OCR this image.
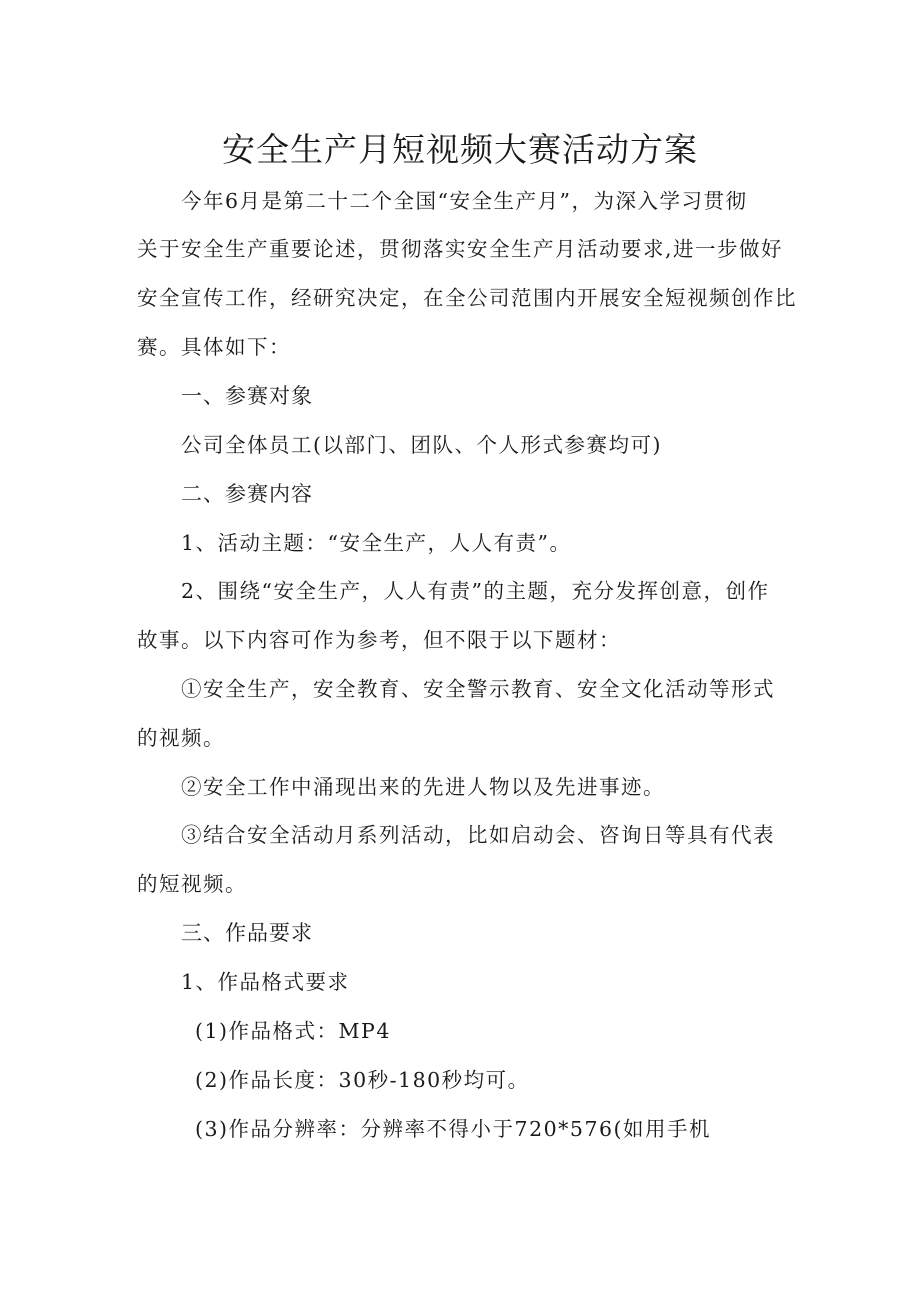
安全生产月短视频大赛活动方案

今年6月是第二十二个全国“安全生产月”，为深入学习贯彻

关于安全生产重要论述，贯彻落实安全生产月活动要求,进一步做好

安全宣传工作，经研究决定，在全公司范围内开展安全短视频创作比

赛。具体如下：

一、参赛对象

公司全体员工(以部门、团队、个人形式参赛均可)

二、参赛内容

1、活动主题：“安全生产，人人有责”。

2、围绕“安全生产，人人有责”的主题，充分发挥创意，创作

故事。以下内容可作为参考，但不限于以下题材：

①安全生产，安全教育、安全警示教育、安全文化活动等形式

的视频。

②安全工作中涌现出来的先进人物以及先进事迹。

③结合安全活动月系列活动，比如启动会、咨询日等具有代表

的短视频。

三、作品要求

1、作品格式要求

(1)作品格式：MP4

(2)作品长度：30秒-180秒均可。

(3)作品分辨率：分辨率不得小于720*576(如用手机
